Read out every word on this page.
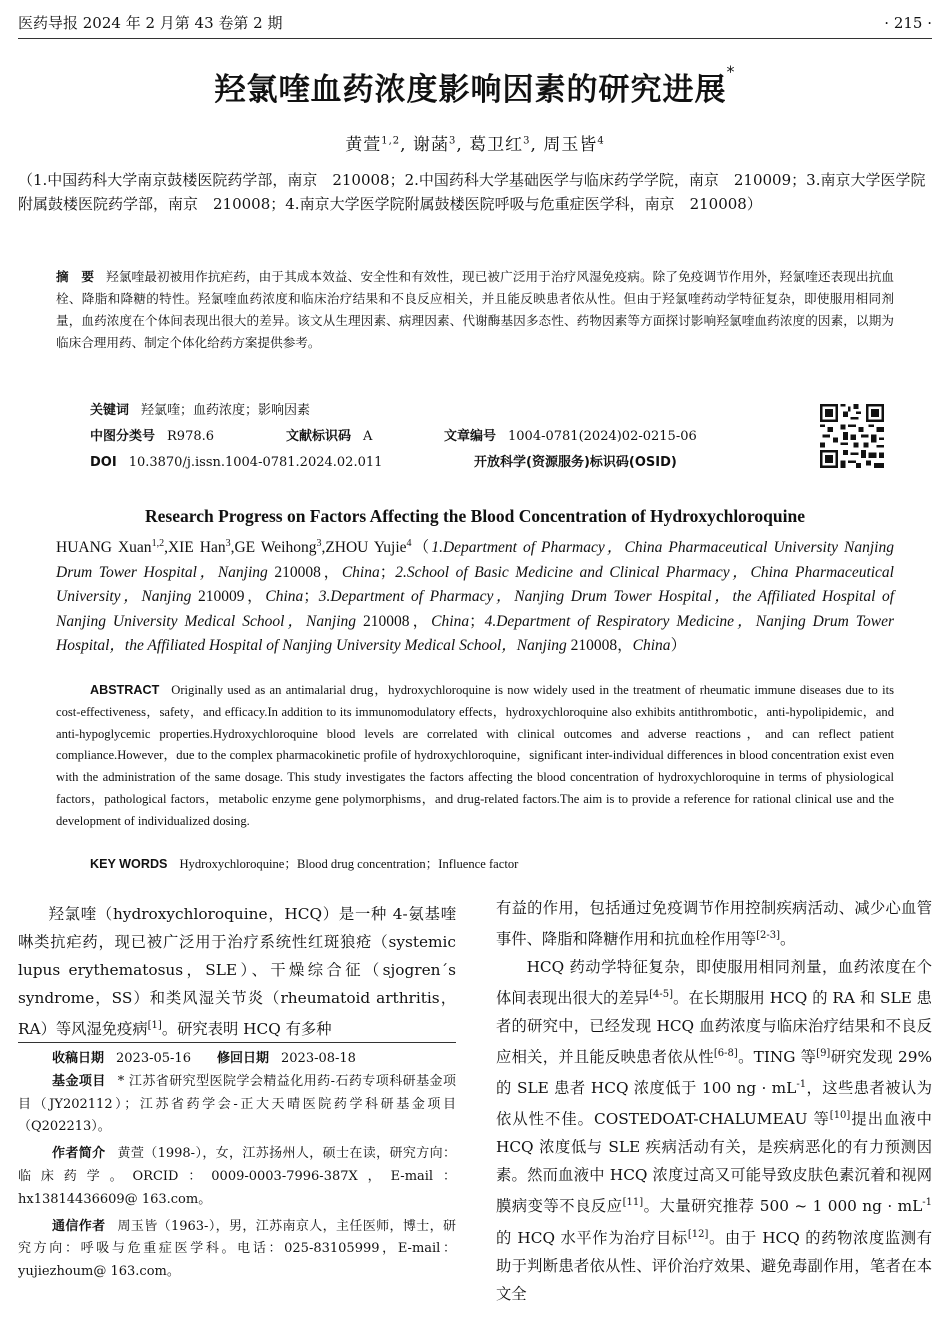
医药导报 2024 年 2 月第 43 卷第 2 期	· 215 ·
羟氯喹血药浓度影响因素的研究进展*
黄萱$^{1,2}$, 谢菡$^3$, 葛卫红$^3$, 周玉皆$^4$
（1.中国药科大学南京鼓楼医院药学部，南京　210008；2.中国药科大学基础医学与临床药学学院，南京　210009；3.南京大学医学院附属鼓楼医院药学部，南京　210008；4.南京大学医学院附属鼓楼医院呼吸与危重症医学科，南京　210008）
摘　要 羟氯喹最初被用作抗疟药，由于其成本效益、安全性和有效性，现已被广泛用于治疗风湿免疫病。除了免疫调节作用外，羟氯喹还表现出抗血栓、降脂和降糖的特性。羟氯喹血药浓度和临床治疗结果和不良反应相关，并且能反映患者依从性。但由于羟氯喹药动学特征复杂，即使服用相同剂量，血药浓度在个体间表现出很大的差异。该文从生理因素、病理因素、代谢酶基因多态性、药物因素等方面探讨影响羟氯喹血药浓度的因素，以期为临床合理用药、制定个体化给药方案提供参考。
关键词 羟氯喹；血药浓度；影响因素
中图分类号 R978.6	文献标识码 A	文章编号 1004-0781(2024)02-0215-06
DOI 10.3870/j.issn.1004-0781.2024.02.011	开放科学(资源服务)标识码(OSID)
Research Progress on Factors Affecting the Blood Concentration of Hydroxychloroquine
HUANG Xuan$^{1,2}$,XIE Han$^3$,GE Weihong$^3$,ZHOU Yujie$^4$（1.Department of Pharmacy，China Pharmaceutical University Nanjing Drum Tower Hospital，Nanjing 210008，China；2.School of Basic Medicine and Clinical Pharmacy，China Pharmaceutical University，Nanjing 210009，China；3.Department of Pharmacy，Nanjing Drum Tower Hospital，the Affiliated Hospital of Nanjing University Medical School，Nanjing 210008，China；4.Department of Respiratory Medicine，Nanjing Drum Tower Hospital，the Affiliated Hospital of Nanjing University Medical School，Nanjing 210008，China）
ABSTRACT Originally used as an antimalarial drug，hydroxychloroquine is now widely used in the treatment of rheumatic immune diseases due to its cost-effectiveness，safety，and efficacy.In addition to its immunomodulatory effects，hydroxychloroquine also exhibits antithrombotic，anti-hypolipidemic，and anti-hypoglycemic properties.Hydroxychloroquine blood levels are correlated with clinical outcomes and adverse reactions，and can reflect patient compliance.However，due to the complex pharmacokinetic profile of hydroxychloroquine，significant inter-individual differences in blood concentration exist even with the administration of the same dosage. This study investigates the factors affecting the blood concentration of hydroxychloroquine in terms of physiological factors，pathological factors，metabolic enzyme gene polymorphisms，and drug-related factors.The aim is to provide a reference for rational clinical use and the development of individualized dosing.
KEY WORDS Hydroxychloroquine；Blood drug concentration；Influence factor

羟氯喹（hydroxychloroquine，HCQ）是一种 4-氨基喹啉类抗疟药，现已被广泛用于治疗系统性红斑狼疮（systemic lupus erythematosus，SLE）、干燥综合征（sjogren´s syndrome，SS）和类风湿关节炎（rheumatoid arthritis，RA）等风湿免疫病[1]。研究表明 HCQ 有多种

收稿日期 2023-05-16　　 修回日期 2023-08-18

基金项目 * 江苏省研究型医院学会精益化用药-石药专项科研基金项目（JY202112）；江苏省药学会-正大天晴医院药学科研基金项目（Q202213）。

作者简介 黄萱（1998-），女，江苏扬州人，硕士在读，研究方向：临床药学。ORCID：0009-0003-7996-387X，E-mail：hx13814436609@ 163.com。

通信作者 周玉皆（1963-），男，江苏南京人，主任医师，博士，研究方向：呼吸与危重症医学科。电话：025-83105999，E-mail：yujiezhoum@ 163.com。

有益的作用，包括通过免疫调节作用控制疾病活动、减少心血管事件、降脂和降糖作用和抗血栓作用等[2-3]。

HCQ 药动学特征复杂，即使服用相同剂量，血药浓度在个体间表现出很大的差异[4-5]。在长期服用 HCQ 的 RA 和 SLE 患者的研究中，已经发现 HCQ 血药浓度与临床治疗结果和不良反应相关，并且能反映患者依从性[6-8]。TING 等[9]研究发现 29% 的 SLE 患者 HCQ 浓度低于 100 ng · $mL^{-1}$，这些患者被认为依从性不佳。COSTEDOAT-CHALUMEAU 等[10]提出血液中 HCQ 浓度低与 SLE 疾病活动有关，是疾病恶化的有力预测因素。然而血液中 HCQ 浓度过高又可能导致皮肤色素沉着和视网膜病变等不良反应[11]。大量研究推荐 500 ~ 1 000 ng · $mL^{-1}$的 HCQ 水平作为治疗目标[12]。由于 HCQ 的药物浓度监测有助于判断患者依从性、评价治疗效果、避免毒副作用，笔者在本文全
